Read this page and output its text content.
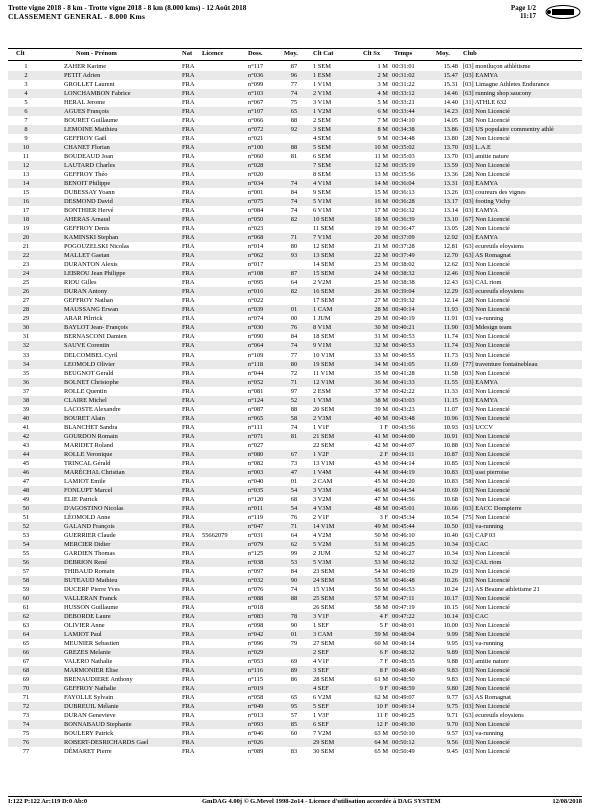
Trotte vigne 2018 - 8 km - Trotte vigne 2018 - 8 km (8.000 kms) - 12 Août 2018
CLASSEMENT GENERAL - 8.000 Kms
Page 1/2
11:17
Clt	Nom - Prénom	Nat Licence	Doss.	Moy. Clt Cat	Clt Sx Temps	Moy. Club
1	ZAHER Karime	FRA	n°117	87	1 SEM	1 M 00:31:01	15.48 [03] montluçon athlétisme
2	PETIT Adrien	FRA	n°036	96	1 ESM	2 M 00:31:02	15.47 [03] EAMYA
3	GROLLET Laurent	FRA	n°099	77	1 V1M	3 M 00:31:22	15.31 [03] Limagne Athletes Endurance
4	LONCHAMBON Fabrice	FRA	n°103	74	2 V1M	4 M 00:33:12	14.46 [63] running shop saucony
5	HERAL Jerome	FRA	n°067	75	3 V1M	5 M 00:33:21	14.40 [31] ATHLE 632
6	AGUES François	FRA	n°107	65	1 V2M	6 M 00:33:44	14.23 [03] Non Licencié
7	BOURET Guillaume	FRA	n°066	88	2 SEM	7 M 00:34:10	14.05 [38] Non Licencié
8	LEMOINE Matthieu	FRA	n°072	92	3 SEM	8 M 00:34:38	13.86 [03] US populaire commentry athlé
9	GEFFROY Gaël	FRA	n°021	4 SEM	9 M 00:34:48	13.80 [28] Non Licencié
10	CHANET Florian	FRA	n°100	88	5 SEM	10 M 00:35:02	13.70 [03] L.A.E
11	BOUDEAUD Joan	FRA	n°060	81	6 SEM	11 M 00:35:03	13.70 [03] amitie nature
12	LAUTARD Charles	FRA	n°028	7 SEM	12 M 00:35:19	13.59 [03] Non Licencié
13	GEFFROY Théo	FRA	n°020	8 SEM	13 M 00:35:56	13.36 [28] Non Licencié
14	BENOIT Philippe	FRA	n°034	74	4 V1M	14 M 00:36:04	13.31 [03] EAMYA
15	DUBESSAY Yoann	FRA	n°001	84	9 SEM	15 M 00:36:13	13.26 [03] coureurs des vignes
16	DESMOND David	FRA	n°075	74	5 V1M	16 M 00:36:28	13.17 [03] footing Vichy
17	BONTHIER Hervé	FRA	n°084	74	6 V1M	17 M 00:36:32	13.14 [03] EAMYA
18	AHERAS Arnaud	FRA	n°050	82	10 SEM	18 M 00:36:39	13.10 [67] Non Licencié
19	GEFFROY Denis	FRA	n°023	11 SEM	19 M 00:36:47	13.05 [28] Non Licencié
20	KAMINSKI Stephan	FRA	n°068	71	7 V1M	20 M 00:37:09	12.92 [03] EAMYA
21	POGOUZELSKI Nicolas	FRA	n°014	80	12 SEM	21 M 00:37:28	12.81 [63] ecureuils eloysiens
22	MALLET Gaetan	FRA	n°062	93	13 SEM	22 M 00:37:49	12.70 [63] AS Romagnat
23	DURANTON Alexis	FRA	n°017	14 SEM	23 M 00:38:02	12.62 [03] Non Licencié
24	LEBROU Jean Philippe	FRA	n°108	87	15 SEM	24 M 00:38:32	12.46 [03] Non Licencié
25	RIOU Gilles	FRA	n°095	64	2 V2M	25 M 00:38:38	12.43 [63] CAL riom
26	DURAN Antony	FRA	n°016	82	16 SEM	26 M 00:39:04	12.29 [63] ecureuils eloysiens
27	GEFFROY Nathan	FRA	n°022	17 SEM	27 M 00:39:32	12.14 [28] Non Licencié
28	MAUSSANG Erwan	FRA	n°039	01	1 CAM	28 M 00:40:14	11.93 [03] Non Licencié
29	ARAR Pilrrick	FRA	n°074	00	1 JUM	29 M 00:40:19	11.91 [03] va-running
30	BAYLOT Jean- François	FRA	n°030	76	8 V1M	30 M 00:40:21	11.90 [03] Mdesign team
31	BERNASCONI Damien	FRA	n°090	84	18 SEM	31 M 00:40:53	11.74 [03] Non Licencié
32	SAUVE Corentin	FRA	n°064	74	9 V1M	32 M 00:40:53	11.74 [03] Non Licencié
33	DELCOMBEL Cyril	FRA	n°109	77	10 V1M	33 M 00:40:55	11.73 [03] Non Licencié
34	LEOMOLD Olivier	FRA	n°118	80	19 SEM	34 M 00:41:05	11.69 [77] traventure fontainebleau
35	BEUGNOT Gerald	FRA	n°044	72	11 V1M	35 M 00:41:28	11.58 [03] Non Licencié
36	BOLNET Christophe	FRA	n°052	71	12 V1M	36 M 00:41:33	11.55 [03] EAMYA
37	ROLLE Quentin	FRA	n°081	97	2 ESM	37 M 00:42:22	11.33 [03] Non Licencié
38	CLAIRE Michel	FRA	n°124	52	1 V3M	38 M 00:43:03	11.15 [03] EAMYA
39	LACOSTE Alexandre	FRA	n°087	88	20 SEM	39 M 00:43:23	11.07 [03] Non Licencié
40	BOURET Alain	FRA	n°065	58	2 V3M	40 M 00:43:48	10.96 [03] Non Licencié
41	BLANCHET Sandra	FRA	n°111	74	1 V1F	1 F 00:43:56	10.93 [03] UCCV
42	GOURDON Romain	FRA	n°071	81	21 SEM	41 M 00:44:00	10.91 [03] Non Licencié
43	MARIDET Roland	FRA	n°027	22 SEM	42 M 00:44:07	10.88 [03] Non Licencié
44	ROLLE Veronique	FRA	n°080	67	1 V2F	2 F 00:44:11	10.87 [03] Non Licencié
45	TRINCAL Gérald	FRA	n°082	73	13 V1M	43 M 00:44:14	10.85 [03] Non Licencié
46	MARÉCHAL Christian	FRA	n°003	47	1 V4M	44 M 00:44:19	10.83 [03] usst pierroise
47	LAMIOT Emile	FRA	n°040	01	2 CAM	45 M 00:44:20	10.83 [58] Non Licencié
48	FONLUPT Marcel	FRA	n°035	54	3 V3M	46 M 00:44:54	10.69 [03] Non Licencié
49	ELIE Patrick	FRA	n°120	68	3 V2M	47 M 00:44:56	10.68 [63] Non Licencié
50	D'AGOSTINO Nicolas	FRA	n°011	54	4 V3M	48 M 00:45:01	10.66 [03] EACC Dompierre
51	LÉOMOLD Anne	FRA	n°119	76	2 V1F	3 F 00:45:34	10.54 [75] Non Licencié
52	GALAND François	FRA	n°047	71	14 V1M	49 M 00:45:44	10.50 [03] va-running
53	GUERRIER Claude	FRA	55662079	n°031	64	4 V2M	50 M 00:46:10	10.40 [63] CAP 03
54	MERCIER Didier	FRA	n°079	62	5 V2M	51 M 00:46:25	10.34 [03] CAC
55	GARDIEN Thomas	FRA	n°125	99	2 JUM	52 M 00:46:27	10.34 [03] Non Licencié
56	DEBRION René	FRA	n°038	53	5 V3M	53 M 00:46:32	10.32 [63] CAL riom
57	THIBAUD Romain	FRA	n°097	84	23 SEM	54 M 00:46:39	10.29 [03] Non Licencié
58	BUTEAUD Mathieu	FRA	n°032	90	24 SEM	55 M 00:46:48	10.26 [03] Non Licencié
59	DUCERF Pierre Yves	FRA	n°076	74	15 V1M	56 M 00:46:53	10.24 [21] AS Beaune athletisme 21
60	VALLERAN Franck	FRA	n°088	88	25 SEM	57 M 00:47:11	10.17 [03] Non Licencié
61	HUSSON Guillaume	FRA	n°018	26 SEM	58 M 00:47:19	10.15 [66] Non Licencié
62	DEBORDE Laure	FRA	n°083	78	3 V1F	4 F 00:47:22	10.14 [03] CAC
63	OLIVIER Anne	FRA	n°098	90	1 SEF	5 F 00:48:01	10.00 [03] Non Licencié
64	LAMIOT Paul	FRA	n°042	01	3 CAM	59 M 00:48:04	9.99 [58] Non Licencié
65	MEUNIER Sebastien	FRA	n°096	79	27 SEM	60 M 00:48:14	9.95 [03] va-running
66	GREZES Melanie	FRA	n°029	2 SEF	6 F 00:48:32	9.89 [03] Non Licencié
67	VALERO Nathalie	FRA	n°053	69	4 V1F	7 F 00:48:35	9.88 [03] amitie nature
68	MARMONIER Elise	FRA	n°116	89	3 SEF	8 F 00:48:49	9.83 [03] Non Licencié
69	BRENAUDIERE Anthony	FRA	n°115	86	28 SEM	61 M 00:48:50	9.83 [03] Non Licencié
70	GEFFROY Nathalie	FRA	n°019	4 SEF	9 F 00:48:59	9.80 [28] Non Licencié
71	FAYOLLE Sylvain	FRA	n°058	65	6 V2M	62 M 00:49:07	9.77 [63] AS Romagnat
72	DUBREUIL Mélanie	FRA	n°049	95	5 SEF	10 F 00:49:14	9.75 [03] Non Licencié
73	DURAN Genevieve	FRA	n°013	57	1 V3F	11 F 00:49:25	9.71 [63] ecureuils eloysiens
74	BONNABAUD Stephanie	FRA	n°093	85	6 SEF	12 F 00:49:30	9.70 [03] Non Licencié
75	BOULERY Patrick	FRA	n°046	60	7 V2M	63 M 00:50:10	9.57 [03] va-running
76	ROBERT-DESRICHARDS Gael	FRA	n°026	29 SEM	64 M 00:50:12	9.56 [03] Non Licencié
77	DÉMARET Pierre	FRA	n°089	83	30 SEM	65 M 00:50:49	9.45 [03] Non Licencié
I:122 P:122 Ar:119 D:0 Ab:0	GmDAG 4.00j © G.Mevel 1998-2o14 - Licence d'utilisation accordée à DAG SYSTEM	12/08/2018
